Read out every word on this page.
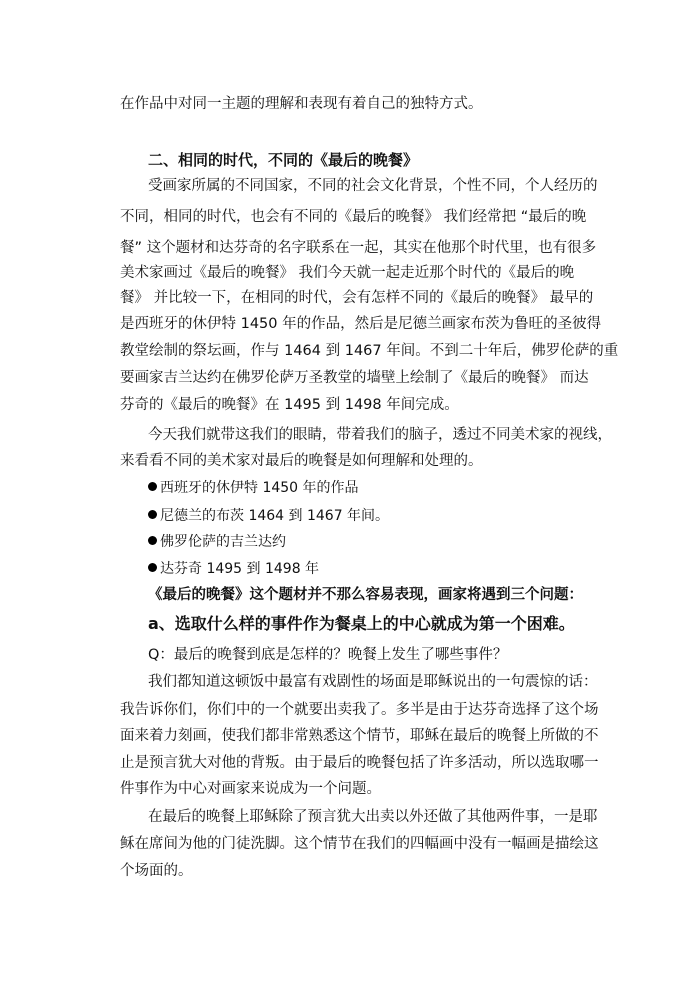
在作品中对同一主题的理解和表现有着自己的独特方式。
二、相同的时代，不同的《最后的晚餐》
受画家所属的不同国家，不同的社会文化背景，个性不同，个人经历的
不同，相同的时代，也会有不同的《最后的晚餐》 我们经常把 “最后的晚
餐” 这个题材和达芬奇的名字联系在一起，其实在他那个时代里，也有很多
美术家画过《最后的晚餐》 我们今天就一起走近那个时代的《最后的晚
餐》 并比较一下，在相同的时代，会有怎样不同的《最后的晚餐》 最早的
是西班牙的休伊特 1450 年的作品，然后是尼德兰画家布茨为鲁旺的圣彼得
教堂绘制的祭坛画，作与 1464 到 1467 年间。不到二十年后，佛罗伦萨的重
要画家吉兰达约在佛罗伦萨万圣教堂的墙壁上绘制了《最后的晚餐》 而达
芬奇的《最后的晚餐》在 1495 到 1498 年间完成。
今天我们就带这我们的眼睛，带着我们的脑子，透过不同美术家的视线，
来看看不同的美术家对最后的晚餐是如何理解和处理的。
西班牙的休伊特 1450 年的作品
尼德兰的布茨 1464 到 1467 年间。
佛罗伦萨的吉兰达约
达芬奇 1495 到 1498 年
《最后的晚餐》这个题材并不那么容易表现，画家将遇到三个问题：
a、选取什么样的事件作为餐桌上的中心就成为第一个困难。
Q：最后的晚餐到底是怎样的？晚餐上发生了哪些事件？
我们都知道这顿饭中最富有戏剧性的场面是耶稣说出的一句震惊的话：
我告诉你们，你们中的一个就要出卖我了。多半是由于达芬奇选择了这个场
面来着力刻画，使我们都非常熟悉这个情节，耶稣在最后的晚餐上所做的不
止是预言犹大对他的背叛。由于最后的晚餐包括了许多活动，所以选取哪一
件事作为中心对画家来说成为一个问题。
在最后的晚餐上耶稣除了预言犹大出卖以外还做了其他两件事，一是耶
稣在席间为他的门徒洗脚。这个情节在我们的四幅画中没有一幅画是描绘这
个场面的。
